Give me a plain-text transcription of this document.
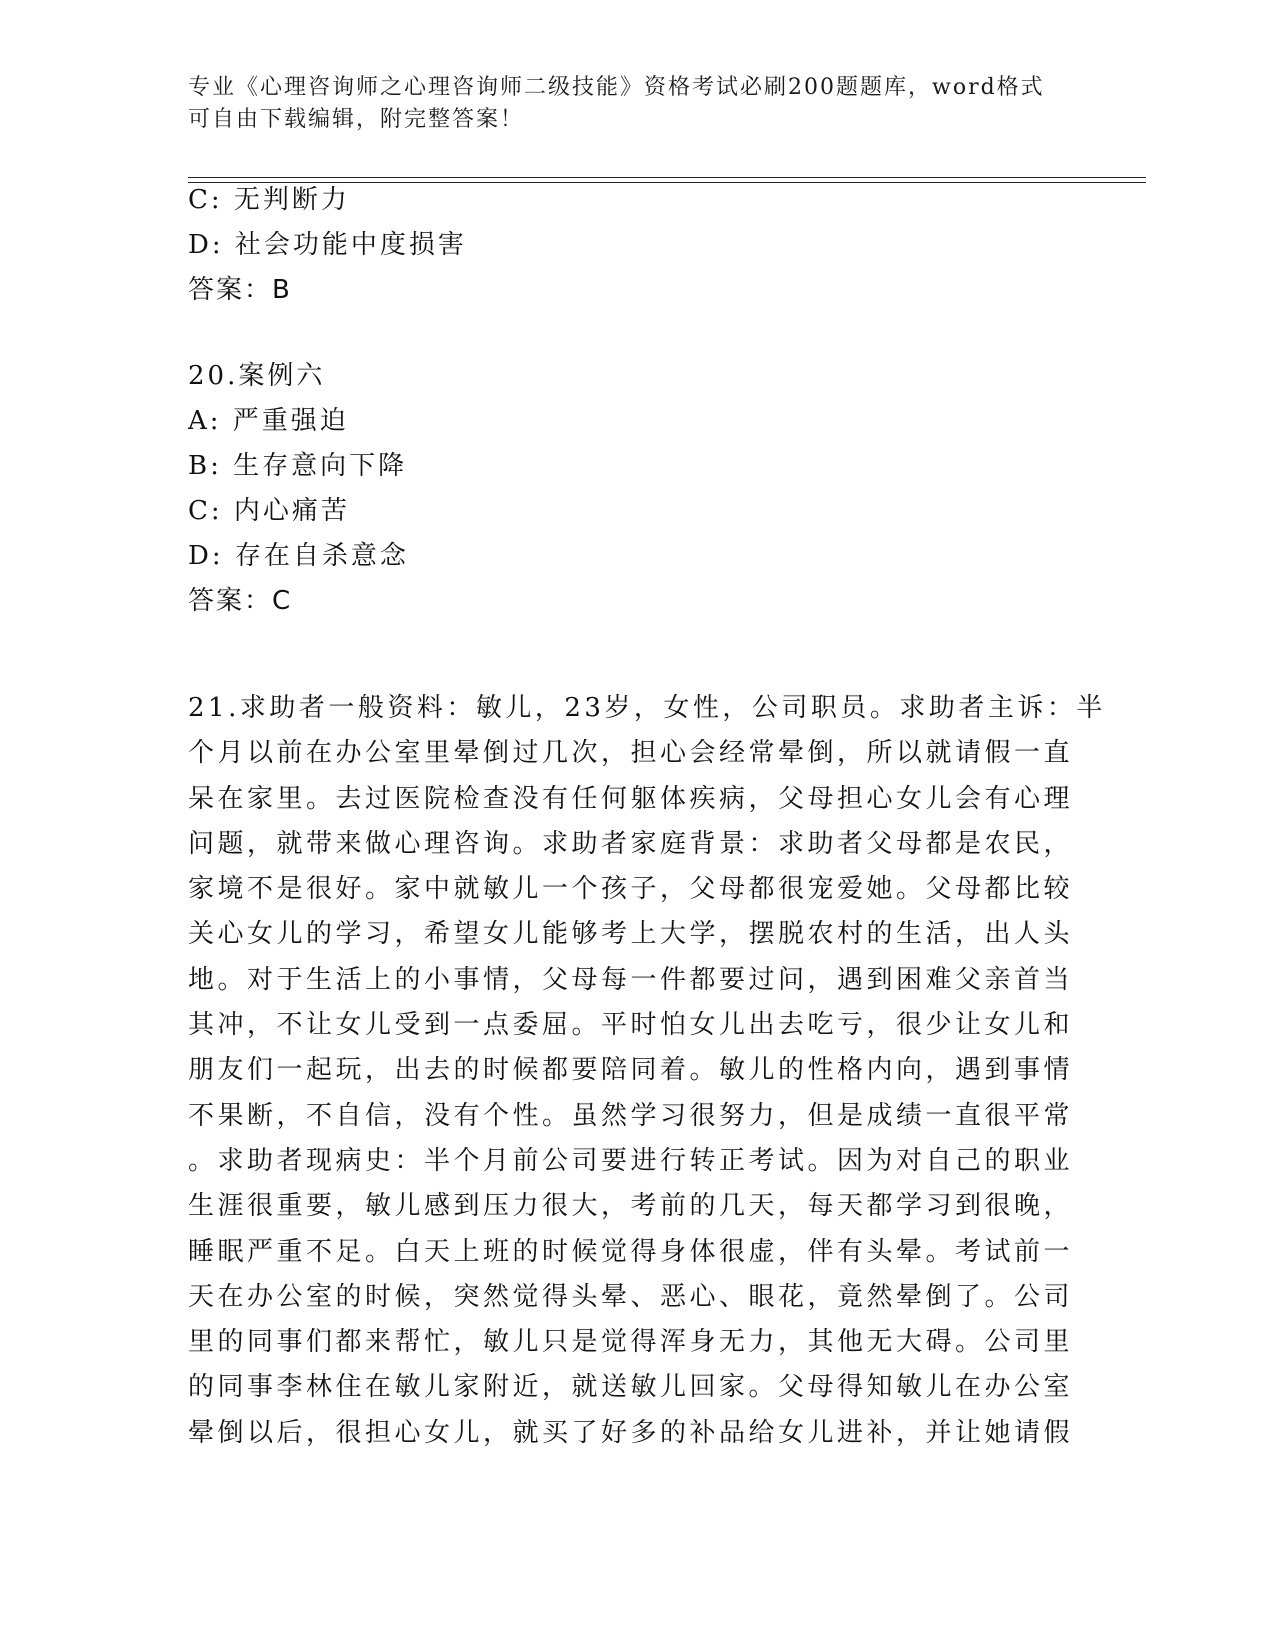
专业《心理咨询师之心理咨询师二级技能》资格考试必刷200题题库，word格式
可自由下载编辑，附完整答案！
C: 无判断力
D: 社会功能中度损害
答案：B
20.案例六
A: 严重强迫
B: 生存意向下降
C: 内心痛苦
D: 存在自杀意念
答案：C
21.求助者一般资料：敏儿，23岁，女性，公司职员。求助者主诉：半
个月以前在办公室里晕倒过几次，担心会经常晕倒，所以就请假一直
呆在家里。去过医院检查没有任何躯体疾病，父母担心女儿会有心理
问题，就带来做心理咨询。求助者家庭背景：求助者父母都是农民，
家境不是很好。家中就敏儿一个孩子，父母都很宠爱她。父母都比较
关心女儿的学习，希望女儿能够考上大学，摆脱农村的生活，出人头
地。对于生活上的小事情，父母每一件都要过问，遇到困难父亲首当
其冲，不让女儿受到一点委屈。平时怕女儿出去吃亏，很少让女儿和
朋友们一起玩，出去的时候都要陪同着。敏儿的性格内向，遇到事情
不果断，不自信，没有个性。虽然学习很努力，但是成绩一直很平常
。求助者现病史：半个月前公司要进行转正考试。因为对自己的职业
生涯很重要，敏儿感到压力很大，考前的几天，每天都学习到很晚，
睡眠严重不足。白天上班的时候觉得身体很虚，伴有头晕。考试前一
天在办公室的时候，突然觉得头晕、恶心、眼花，竟然晕倒了。公司
里的同事们都来帮忙，敏儿只是觉得浑身无力，其他无大碍。公司里
的同事李林住在敏儿家附近，就送敏儿回家。父母得知敏儿在办公室
晕倒以后，很担心女儿，就买了好多的补品给女儿进补，并让她请假
